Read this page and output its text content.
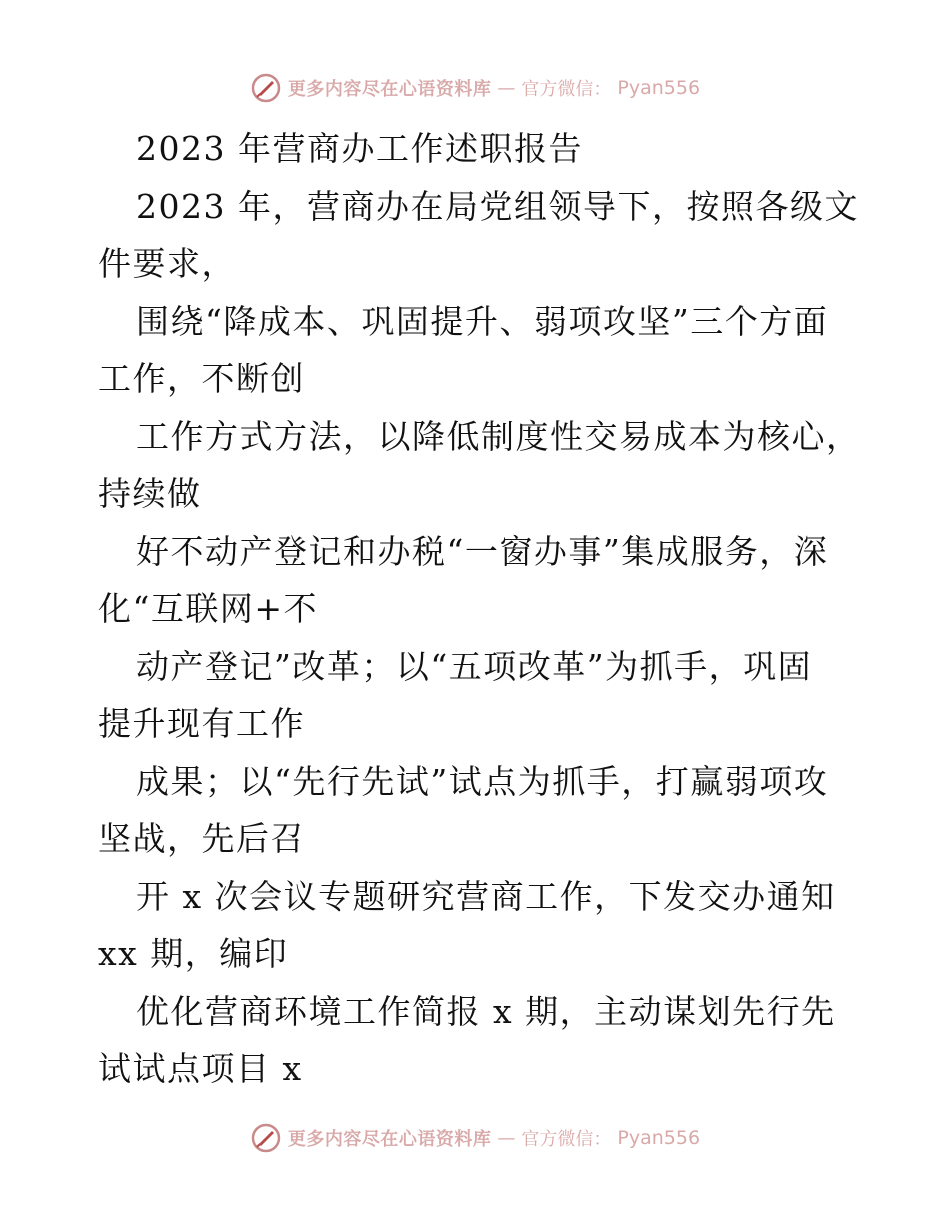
更多内容尽在心语资料库 — 官方微信： Pyan556
2023 年营商办工作述职报告
2023 年，营商办在局党组领导下，按照各级文
件要求，
围绕“降成本、巩固提升、弱项攻坚”三个方面
工作，不断创
工作方式方法，以降低制度性交易成本为核心，
持续做
好不动产登记和办税“一窗办事”集成服务，深
化“互联网+不
动产登记”改革；以“五项改革”为抓手，巩固
提升现有工作
成果；以“先行先试”试点为抓手，打赢弱项攻
坚战，先后召
开 x 次会议专题研究营商工作，下发交办通知
xx 期，编印
优化营商环境工作简报 x 期，主动谋划先行先
试试点项目 x
更多内容尽在心语资料库 — 官方微信： Pyan556
